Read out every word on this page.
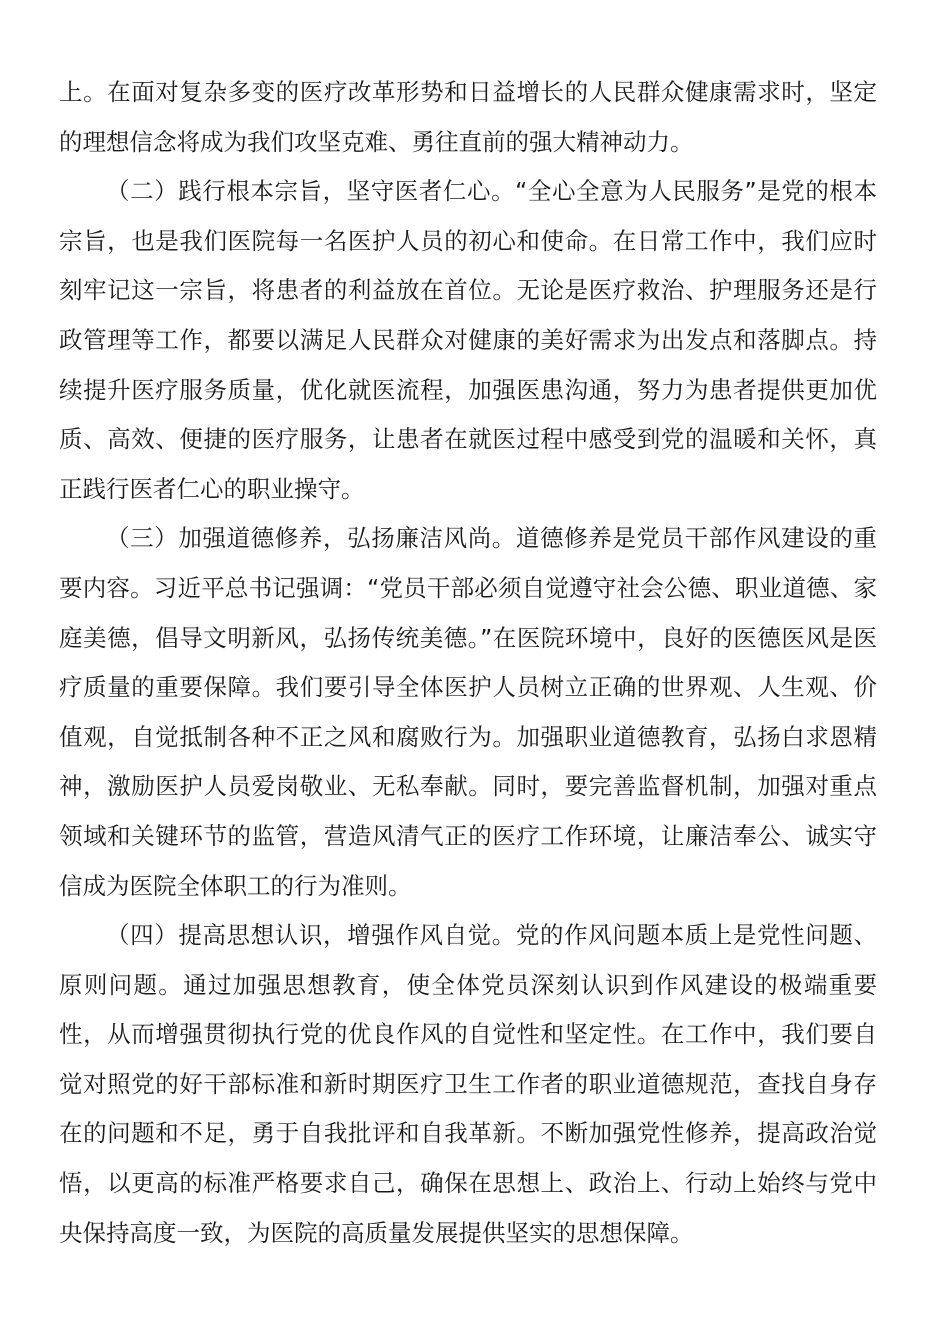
上。在面对复杂多变的医疗改革形势和日益增长的人民群众健康需求时，坚定的理想信念将成为我们攻坚克难、勇往直前的强大精神动力。

（二）践行根本宗旨，坚守医者仁心。“全心全意为人民服务”是党的根本宗旨，也是我们医院每一名医护人员的初心和使命。在日常工作中，我们应时刻牢记这一宗旨，将患者的利益放在首位。无论是医疗救治、护理服务还是行政管理等工作，都要以满足人民群众对健康的美好需求为出发点和落脚点。持续提升医疗服务质量，优化就医流程，加强医患沟通，努力为患者提供更加优质、高效、便捷的医疗服务，让患者在就医过程中感受到党的温暖和关怀，真正践行医者仁心的职业操守。

（三）加强道德修养，弘扬廉洁风尚。道德修养是党员干部作风建设的重要内容。习近平总书记强调：“党员干部必须自觉遵守社会公德、职业道德、家庭美德，倡导文明新风，弘扬传统美德。”在医院环境中，良好的医德医风是医疗质量的重要保障。我们要引导全体医护人员树立正确的世界观、人生观、价值观，自觉抵制各种不正之风和腐败行为。加强职业道德教育，弘扬白求恩精神，激励医护人员爱岗敬业、无私奉献。同时，要完善监督机制，加强对重点领域和关键环节的监管，营造风清气正的医疗工作环境，让廉洁奉公、诚实守信成为医院全体职工的行为准则。

（四）提高思想认识，增强作风自觉。党的作风问题本质上是党性问题、原则问题。通过加强思想教育，使全体党员深刻认识到作风建设的极端重要性，从而增强贯彻执行党的优良作风的自觉性和坚定性。在工作中，我们要自觉对照党的好干部标准和新时期医疗卫生工作者的职业道德规范，查找自身存在的问题和不足，勇于自我批评和自我革新。不断加强党性修养，提高政治觉悟，以更高的标准严格要求自己，确保在思想上、政治上、行动上始终与党中央保持高度一致，为医院的高质量发展提供坚实的思想保障。
